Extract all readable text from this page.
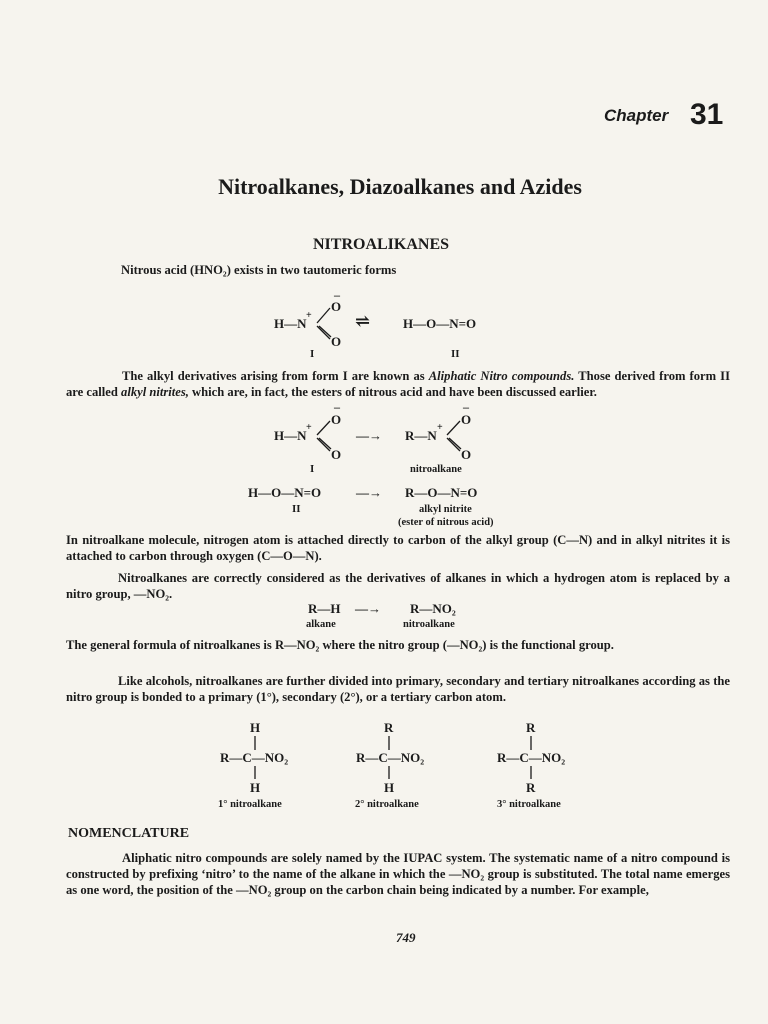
Chapter 31
Nitroalkanes, Diazoalkanes and Azides
NITROALIKANES
Nitrous acid (HNO₂) exists in two tautomeric forms
H—N
+
–
O
O
⇌	H—O—N=O
I	II
H—N
+
–
O
O
—→ R—N
+
–
O
O
I	nitroalkane
H—O—N=O	—→ R—O—N=O
II	alkyl nitrite
(ester of nitrous acid)
R—H —→ R—NO₂
alkane	nitroalkane
H
R—C—NO₂
H
1° nitroalkane
R
R—C—NO₂
H
2° nitroalkane
R
R—C—NO₂
R
3° nitroalkane
The alkyl derivatives arising from form I are known as Aliphatic Nitro compounds. Those derived from form II are called alkyl nitrites, which are, in fact, the esters of nitrous acid and have been discussed earlier.
In nitroalkane molecule, nitrogen atom is attached directly to carbon of the alkyl group (C—N) and in alkyl nitrites it is attached to carbon through oxygen (C—O—N).
Nitroalkanes are correctly considered as the derivatives of alkanes in which a hydrogen atom is replaced by a nitro group, —NO₂.
The general formula of nitroalkanes is R—NO₂ where the nitro group (—NO₂) is the functional group.
Like alcohols, nitroalkanes are further divided into primary, secondary and tertiary nitroalkanes according as the nitro group is bonded to a primary (1°), secondary (2°), or a tertiary carbon atom.
NOMENCLATURE
Aliphatic nitro compounds are solely named by the IUPAC system. The systematic name of a nitro compound is constructed by prefixing ‘nitro’ to the name of the alkane in which the —NO₂ group is substituted. The total name emerges as one word, the position of the —NO₂ group on the carbon chain being indicated by a number. For example,
749
